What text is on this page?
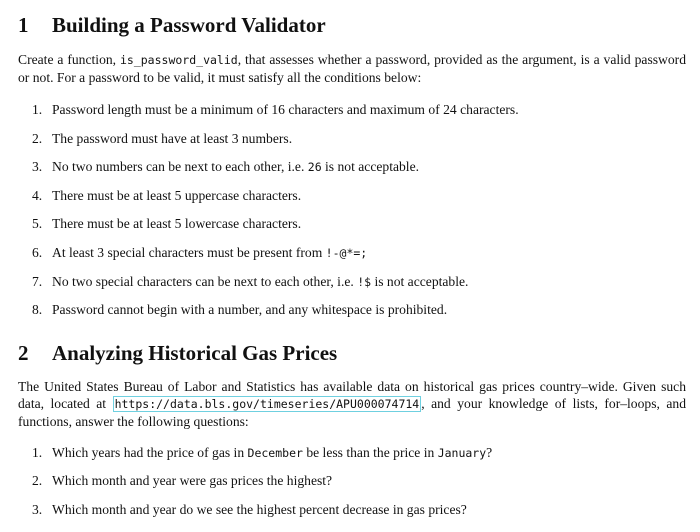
1 Building a Password Validator

Create a function, is_password_valid, that assesses whether a password, provided as the argument, is a valid password or not. For a password to be valid, it must satisfy all the conditions below:

1. Password length must be a minimum of 16 characters and maximum of 24 characters.
2. The password must have at least 3 numbers.
3. No two numbers can be next to each other, i.e. 26 is not acceptable.
4. There must be at least 5 uppercase characters.
5. There must be at least 5 lowercase characters.
6. At least 3 special characters must be present from !-@*=;
7. No two special characters can be next to each other, i.e. !$ is not acceptable.
8. Password cannot begin with a number, and any whitespace is prohibited.
2 Analyzing Historical Gas Prices

The United States Bureau of Labor and Statistics has available data on historical gas prices country–wide. Given such data, located at https://data.bls.gov/timeseries/APU000074714 , and your knowledge of lists, for–loops, and functions, answer the following questions:

1. Which years had the price of gas in December be less than the price in January?
2. Which month and year were gas prices the highest?
3. Which month and year do we see the highest percent decrease in gas prices?
